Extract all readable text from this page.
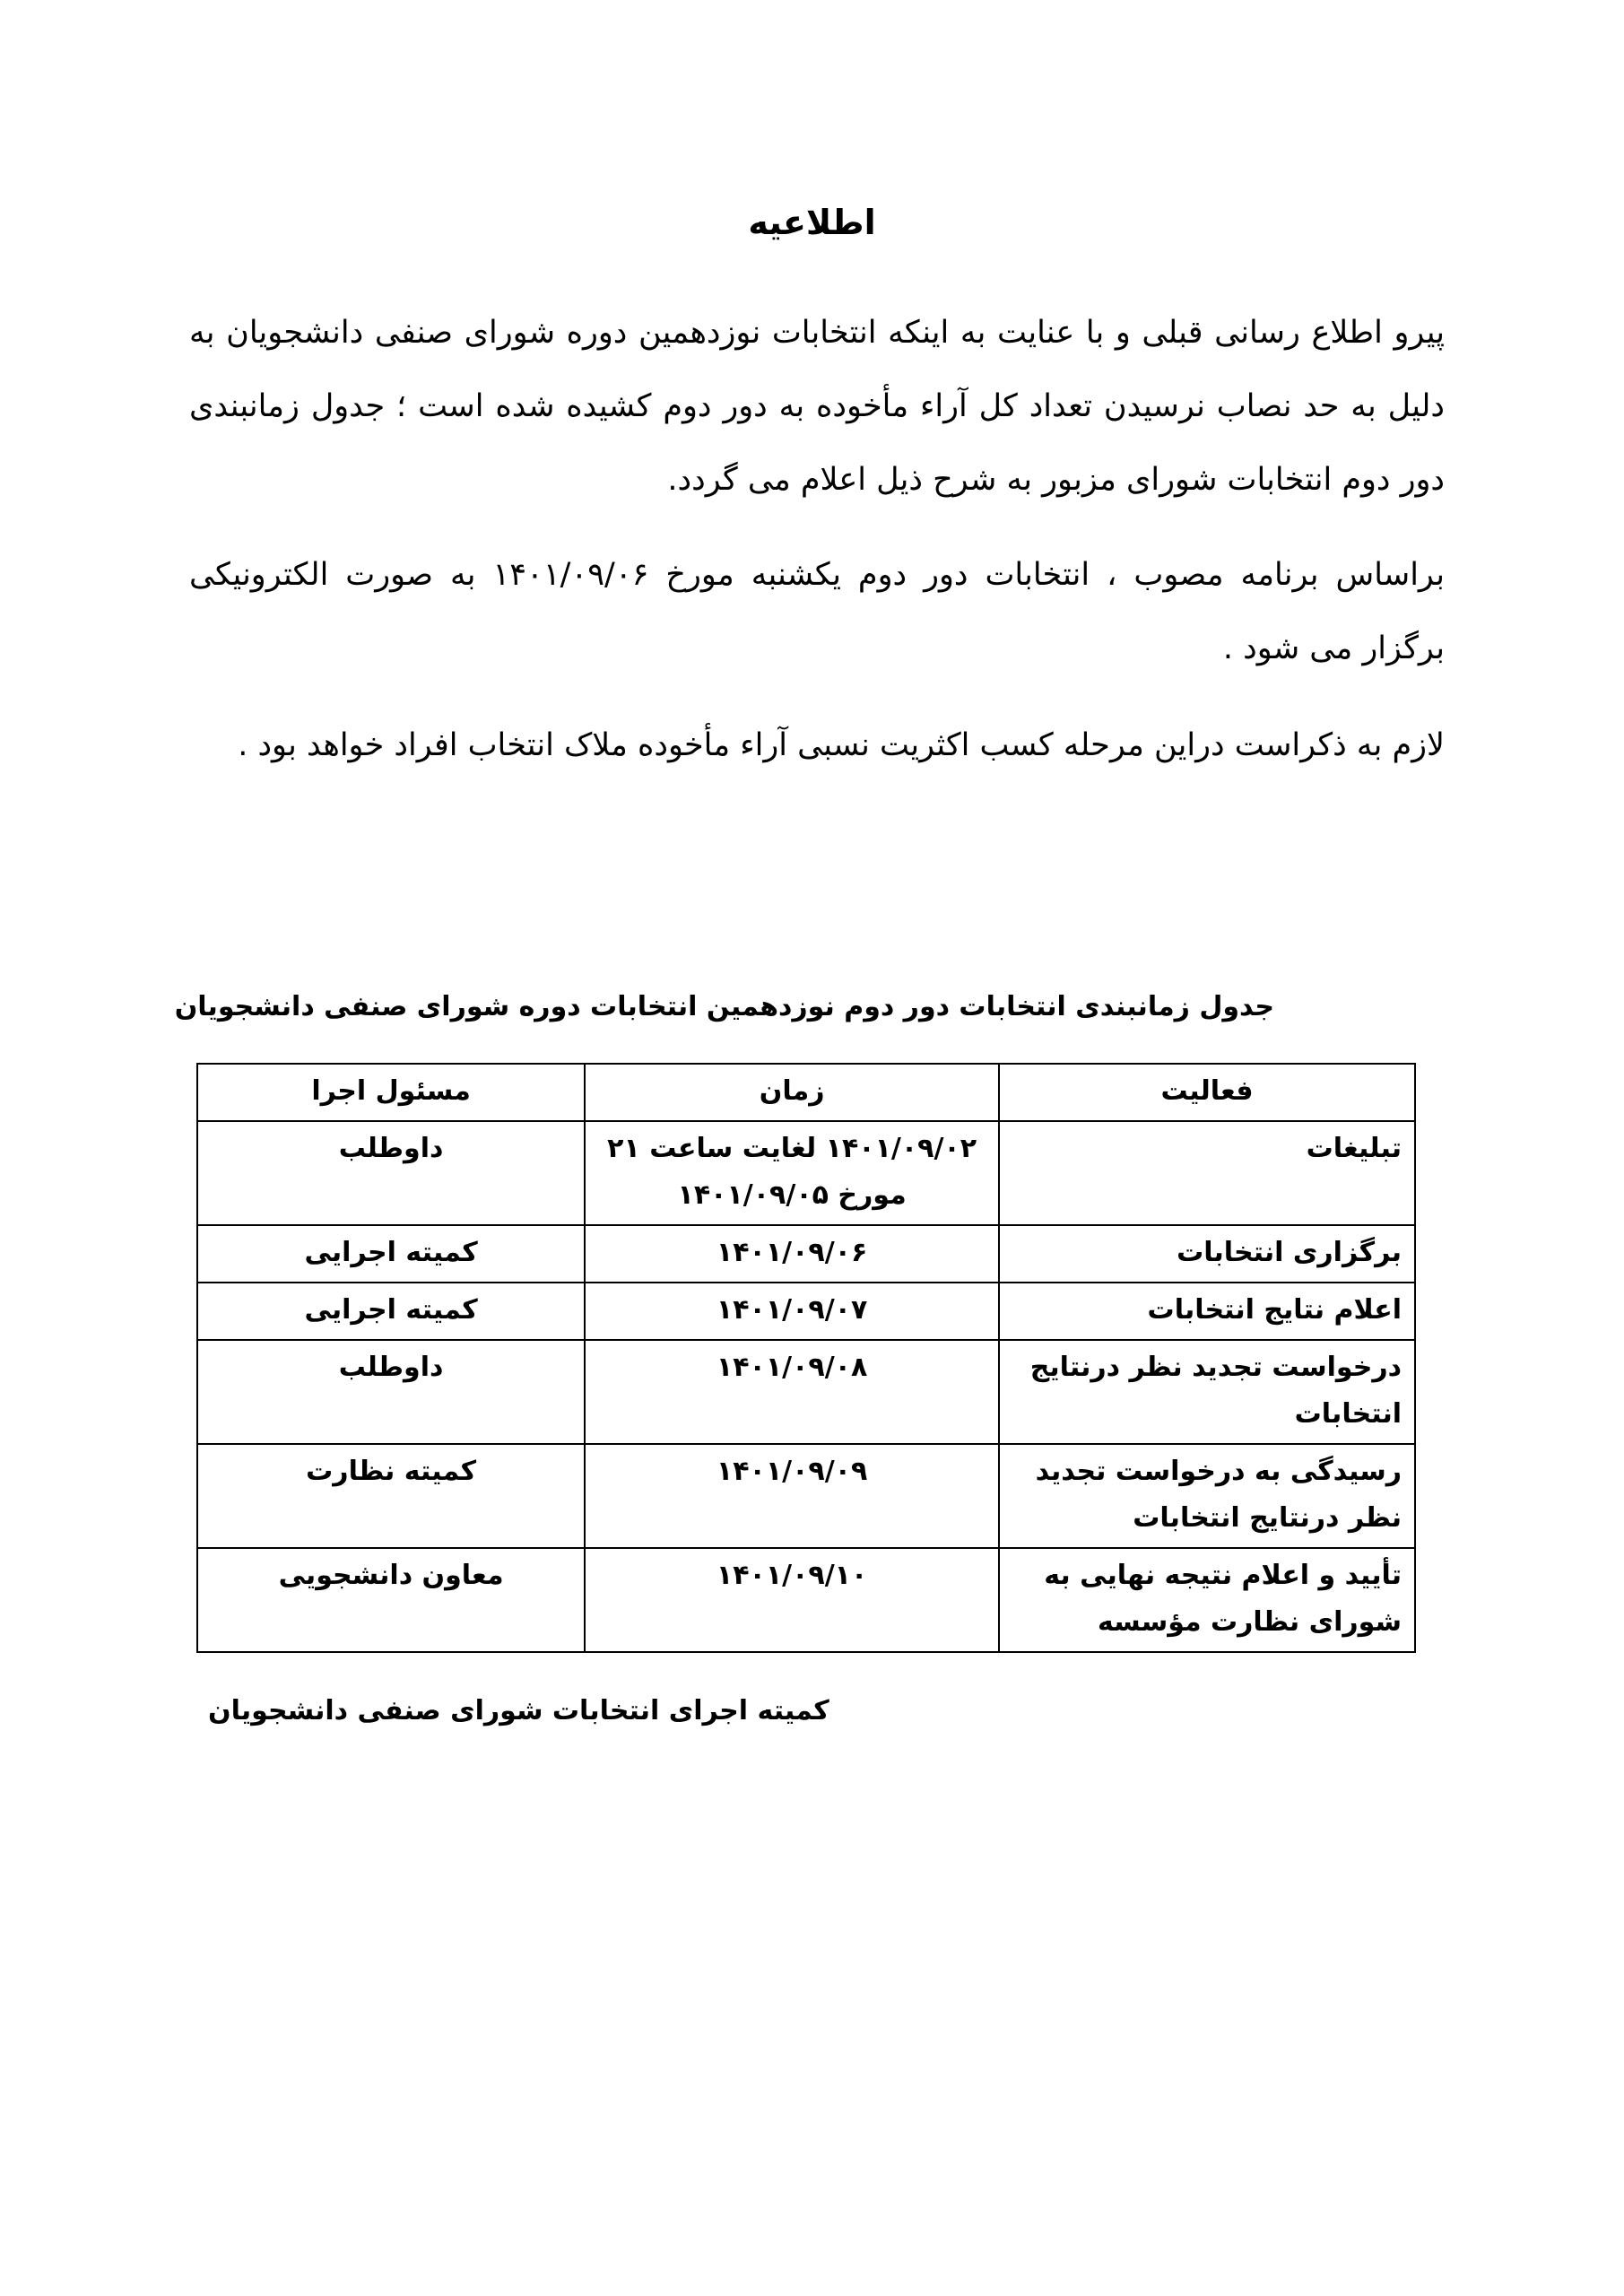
اطلاعیه
پیرو اطلاع رسانی قبلی و با عنایت به اینکه انتخابات نوزدهمین دوره شورای صنفی دانشجویان به دلیل به حد نصاب نرسیدن تعداد کل آراء مأخوده به دور دوم کشیده شده است ؛ جدول زمانبندی دور دوم انتخابات شورای مزبور به شرح ذیل اعلام می گردد.
براساس برنامه مصوب ، انتخابات دور دوم یکشنبه مورخ ۱۴۰۱/۰۹/۰۶ به صورت الکترونیکی برگزار می شود .
لازم به ذکراست دراین مرحله کسب اکثریت نسبی آراء مأخوده ملاک انتخاب افراد خواهد بود .
جدول زمانبندی انتخابات دور دوم نوزدهمین انتخابات دوره شورای صنفی دانشجویان
فعالیت	زمان	مسئول اجرا
تبلیغات	۱۴۰۱/۰۹/۰۲ لغایت ساعت ۲۱ مورخ ۱۴۰۱/۰۹/۰۵	داوطلب
برگزاری انتخابات	۱۴۰۱/۰۹/۰۶	کمیته اجرایی
اعلام نتایج انتخابات	۱۴۰۱/۰۹/۰۷	کمیته اجرایی
درخواست تجدید نظر درنتایج انتخابات	۱۴۰۱/۰۹/۰۸	داوطلب
رسیدگی به درخواست تجدید نظر درنتایج انتخابات	۱۴۰۱/۰۹/۰۹	کمیته نظارت
تأیید و اعلام نتیجه نهایی به شورای نظارت مؤسسه	۱۴۰۱/۰۹/۱۰	معاون دانشجویی
کمیته اجرای انتخابات شورای صنفی دانشجویان
